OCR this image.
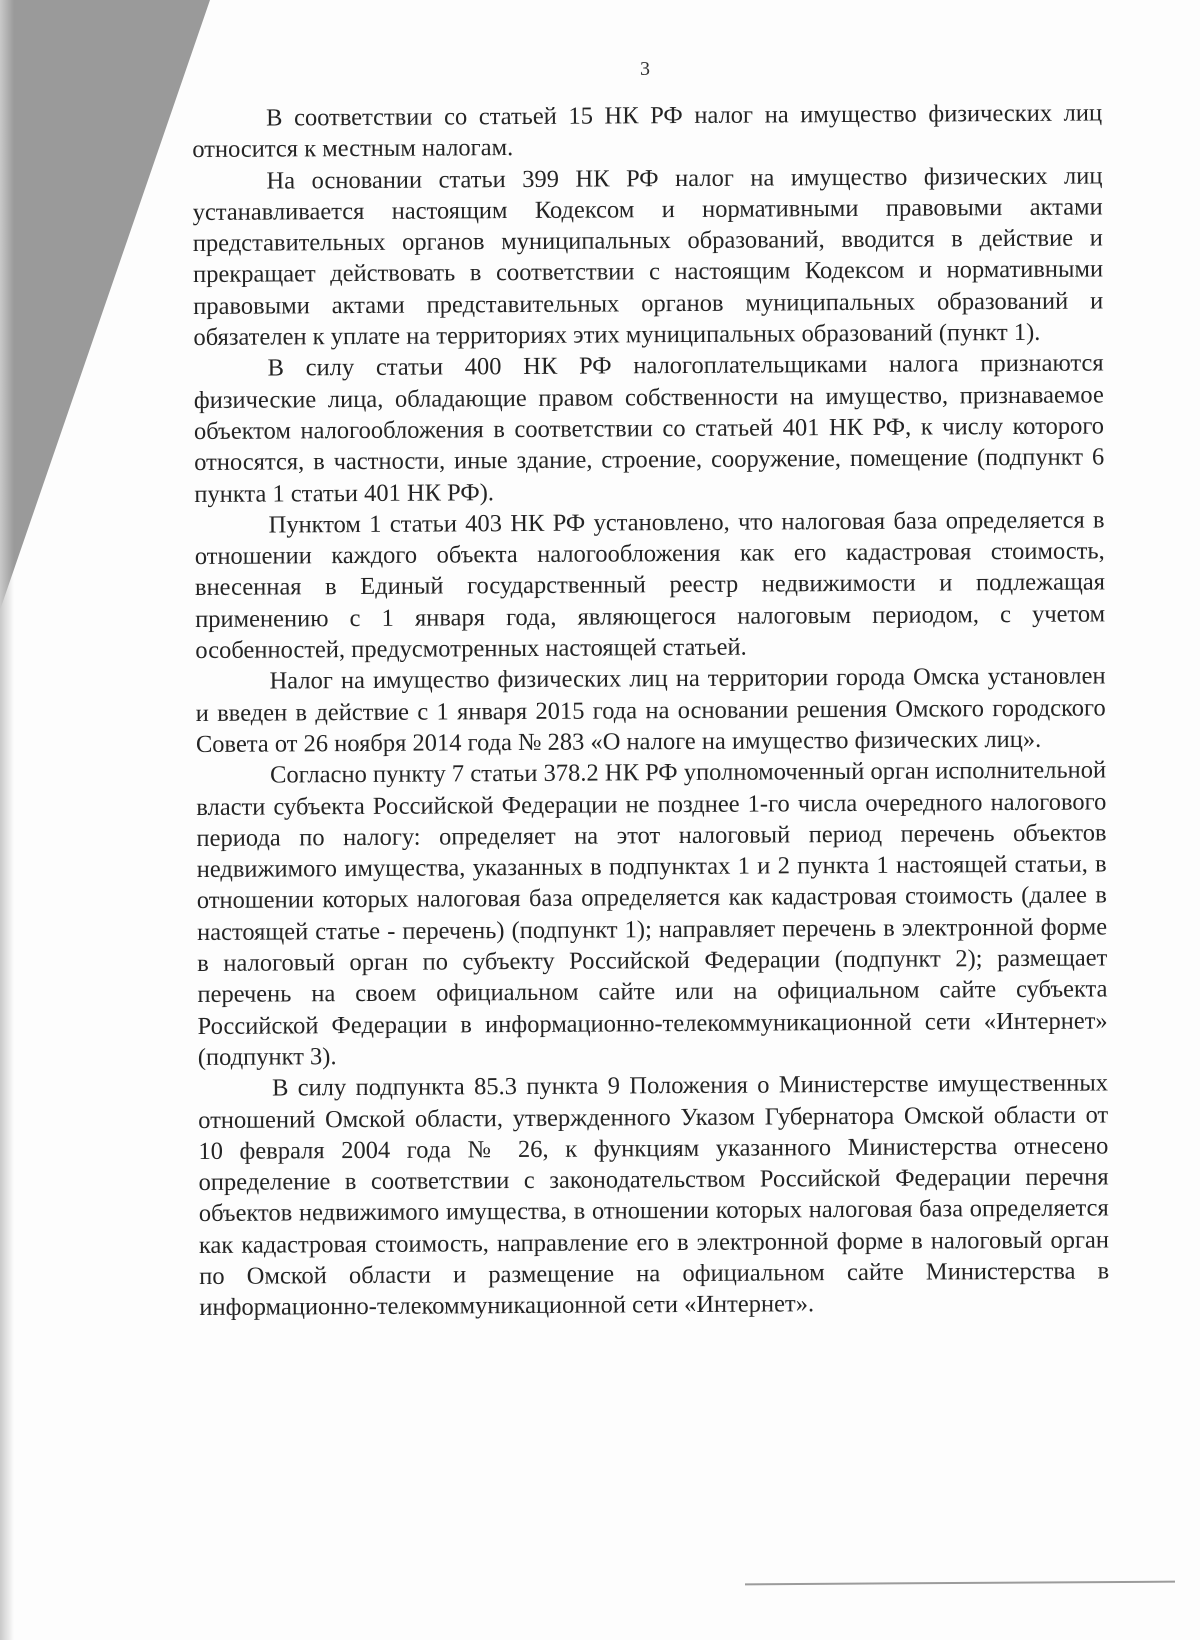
3

В соответствии со статьей 15 НК РФ налог на имущество физических лиц относится к местным налогам.

На основании статьи 399 НК РФ налог на имущество физических лиц устанавливается настоящим Кодексом и нормативными правовыми актами представительных органов муниципальных образований, вводится в действие и прекращает действовать в соответствии с настоящим Кодексом и нормативными правовыми актами представительных органов муниципальных образований и обязателен к уплате на территориях этих муниципальных образований (пункт 1).

В силу статьи 400 НК РФ налогоплательщиками налога признаются физические лица, обладающие правом собственности на имущество, признаваемое объектом налогообложения в соответствии со статьей 401 НК РФ, к числу которого относятся, в частности, иные здание, строение, сооружение, помещение (подпункт 6 пункта 1 статьи 401 НК РФ).

Пунктом 1 статьи 403 НК РФ установлено, что налоговая база определяется в отношении каждого объекта налогообложения как его кадастровая стоимость, внесенная в Единый государственный реестр недвижимости и подлежащая применению с 1 января года, являющегося налоговым периодом, с учетом особенностей, предусмотренных настоящей статьей.

Налог на имущество физических лиц на территории города Омска установлен и введен в действие с 1 января 2015 года на основании решения Омского городского Совета от 26 ноября 2014 года № 283 «О налоге на имущество физических лиц».

Согласно пункту 7 статьи 378.2 НК РФ уполномоченный орган исполнительной власти субъекта Российской Федерации не позднее 1-го числа очередного налогового периода по налогу: определяет на этот налоговый период перечень объектов недвижимого имущества, указанных в подпунктах 1 и 2 пункта 1 настоящей статьи, в отношении которых налоговая база определяется как кадастровая стоимость (далее в настоящей статье - перечень) (подпункт 1); направляет перечень в электронной форме в налоговый орган по субъекту Российской Федерации (подпункт 2); размещает перечень на своем официальном сайте или на официальном сайте субъекта Российской Федерации в информационно-телекоммуникационной сети «Интернет» (подпункт 3).

В силу подпункта 85.3 пункта 9 Положения о Министерстве имущественных отношений Омской области, утвержденного Указом Губернатора Омской области от 10 февраля 2004 года № 26, к функциям указанного Министерства отнесено определение в соответствии с законодательством Российской Федерации перечня объектов недвижимого имущества, в отношении которых налоговая база определяется как кадастровая стоимость, направление его в электронной форме в налоговый орган по Омской области и размещение на официальном сайте Министерства в информационно-телекоммуникационной сети «Интернет».
